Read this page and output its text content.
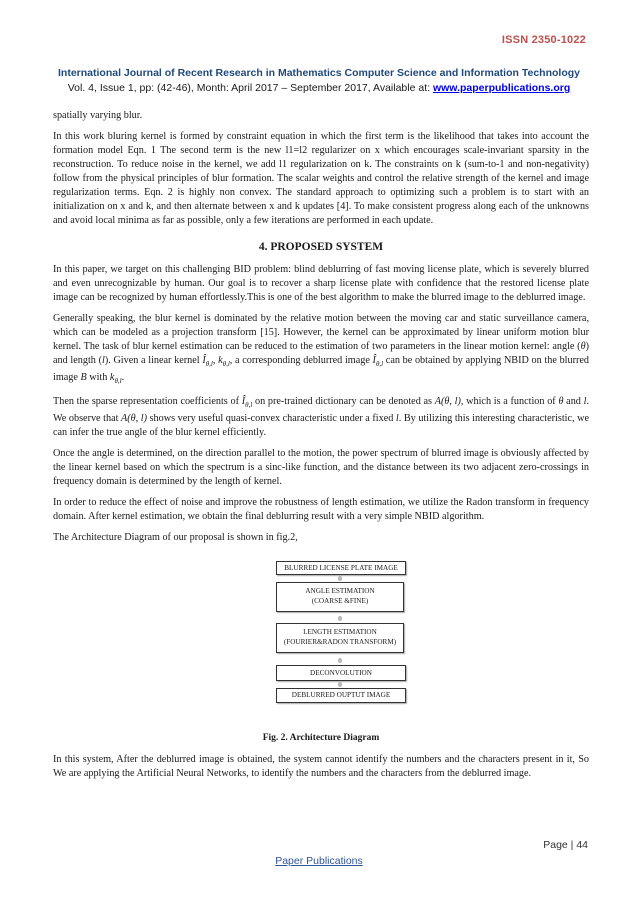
ISSN 2350-1022
International Journal of Recent Research in Mathematics Computer Science and Information Technology
Vol. 4, Issue 1, pp: (42-46), Month: April 2017 – September 2017, Available at: www.paperpublications.org

spatially varying blur.

In this work bluring kernel is formed by constraint equation in which the first term is the likelihood that takes into account the formation model Eqn. 1 The second term is the new l1=l2 regularizer on x which encourages scale-invariant sparsity in the reconstruction. To reduce noise in the kernel, we add l1 regularization on k. The constraints on k (sum-to-1 and non-negativity) follow from the physical principles of blur formation. The scalar weights and control the relative strength of the kernel and image regularization terms. Eqn. 2 is highly non convex. The standard approach to optimizing such a problem is to start with an initialization on x and k, and then alternate between x and k updates [4]. To make consistent progress along each of the unknowns and avoid local minima as far as possible, only a few iterations are performed in each update.

4. PROPOSED SYSTEM

In this paper, we target on this challenging BID problem: blind deblurring of fast moving license plate, which is severely blurred and even unrecognizable by human. Our goal is to recover a sharp license plate with confidence that the restored license plate image can be recognized by human effortlessly.This is one of the best algorithm to make the blurred image to the deblurred image.

Generally speaking, the blur kernel is dominated by the relative motion between the moving car and static surveillance camera, which can be modeled as a projection transform [15]. However, the kernel can be approximated by linear uniform motion blur kernel. The task of blur kernel estimation can be reduced to the estimation of two parameters in the linear motion kernel: angle (θ) and length (l). Given a linear kernel $Î_{\theta,l}$, $k_{\theta,l}$, a corresponding deblurred image $Î_{\theta,l}$ can be obtained by applying NBID on the blurred image B with $k_{\theta,l}$.

Then the sparse representation coefficients of $Î_{\theta,l}$ on pre-trained dictionary can be denoted as A(θ, l), which is a function of θ and l. We observe that A(θ, l) shows very useful quasi-convex characteristic under a fixed l. By utilizing this interesting characteristic, we can infer the true angle of the blur kernel efficiently.

Once the angle is determined, on the direction parallel to the motion, the power spectrum of blurred image is obviously affected by the linear kernel based on which the spectrum is a sinc-like function, and the distance between its two adjacent zero-crossings in frequency domain is determined by the length of kernel.

In order to reduce the effect of noise and improve the robustness of length estimation, we utilize the Radon transform in frequency domain. After kernel estimation, we obtain the final deblurring result with a very simple NBID algorithm.

The Architecture Diagram of our proposal is shown in fig.2,

BLURRED LICENSE PLATE IMAGE
ANGLE ESTIMATION
(COARSE &FINE)
LENGTH ESTIMATION
(FOURIER&RADON TRANSFORM)
DECONVOLUTION
DEBLURRED OUPTUT IMAGE
Fig. 2. Architecture Diagram

In this system, After the deblurred image is obtained, the system cannot identify the numbers and the characters present in it, So We are applying the Artificial Neural Networks, to identify the numbers and the characters from the deblurred image.

Page | 44
Paper Publications
